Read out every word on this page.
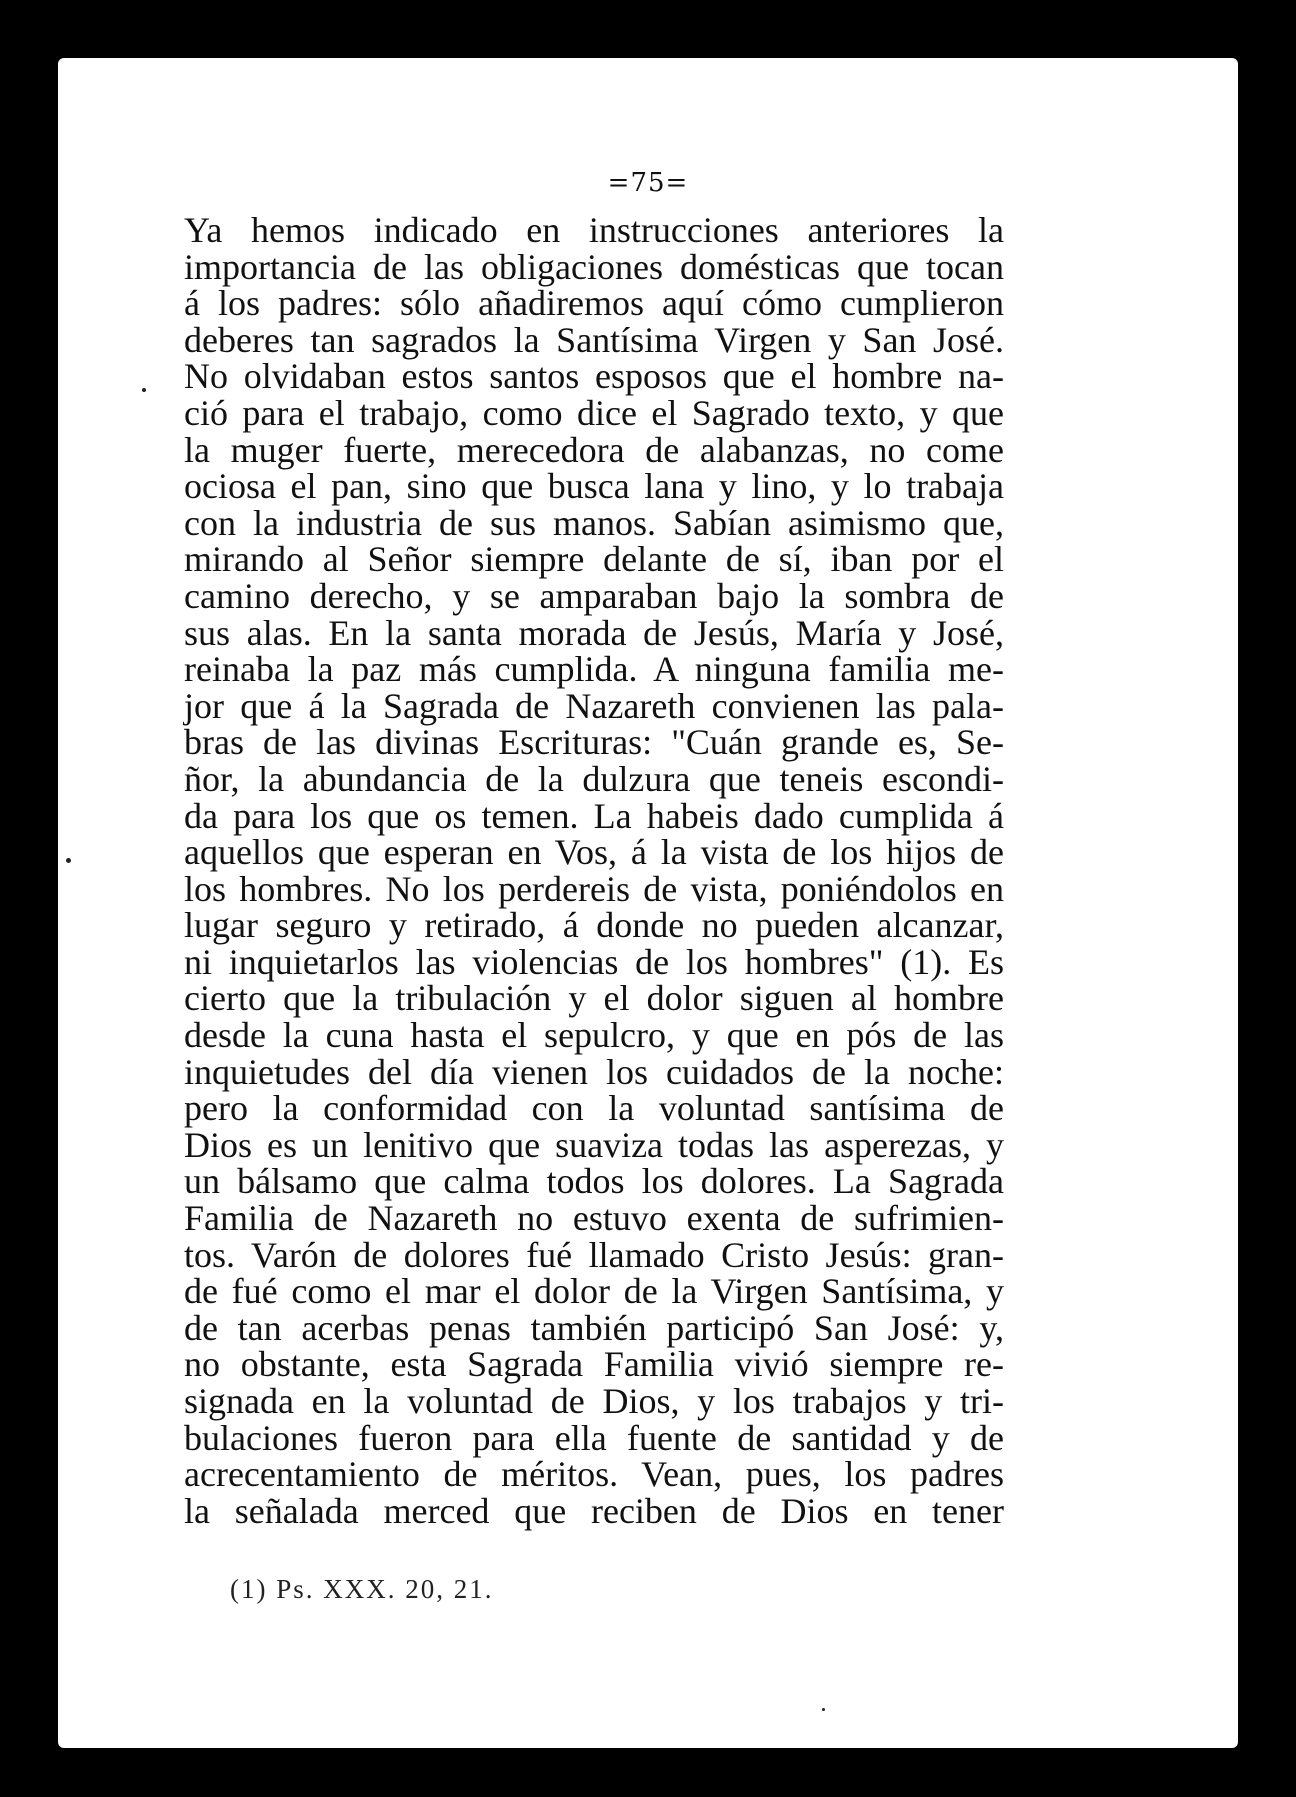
=75=
Ya hemos indicado en instrucciones anteriores la
importancia de las obligaciones domésticas que tocan
á los padres: sólo añadiremos aquí cómo cumplieron
deberes tan sagrados la Santísima Virgen y San José.
No olvidaban estos santos esposos que el hombre na-
ció para el trabajo, como dice el Sagrado texto, y que
la muger fuerte, merecedora de alabanzas, no come
ociosa el pan, sino que busca lana y lino, y lo trabaja
con la industria de sus manos. Sabían asimismo que,
mirando al Señor siempre delante de sí, iban por el
camino derecho, y se amparaban bajo la sombra de
sus alas. En la santa morada de Jesús, María y José,
reinaba la paz más cumplida. A ninguna familia me-
jor que á la Sagrada de Nazareth convienen las pala-
bras de las divinas Escrituras: "Cuán grande es, Se-
ñor, la abundancia de la dulzura que teneis escondi-
da para los que os temen. La habeis dado cumplida á
aquellos que esperan en Vos, á la vista de los hijos de
los hombres. No los perdereis de vista, poniéndolos en
lugar seguro y retirado, á donde no pueden alcanzar,
ni inquietarlos las violencias de los hombres" (1). Es
cierto que la tribulación y el dolor siguen al hombre
desde la cuna hasta el sepulcro, y que en pós de las
inquietudes del día vienen los cuidados de la noche:
pero la conformidad con la voluntad santísima de
Dios es un lenitivo que suaviza todas las asperezas, y
un bálsamo que calma todos los dolores. La Sagrada
Familia de Nazareth no estuvo exenta de sufrimien-
tos. Varón de dolores fué llamado Cristo Jesús: gran-
de fué como el mar el dolor de la Virgen Santísima, y
de tan acerbas penas también participó San José: y,
no obstante, esta Sagrada Familia vivió siempre re-
signada en la voluntad de Dios, y los trabajos y tri-
bulaciones fueron para ella fuente de santidad y de
acrecentamiento de méritos. Vean, pues, los padres
la señalada merced que reciben de Dios en tener
(1) Ps. XXX. 20, 21.
